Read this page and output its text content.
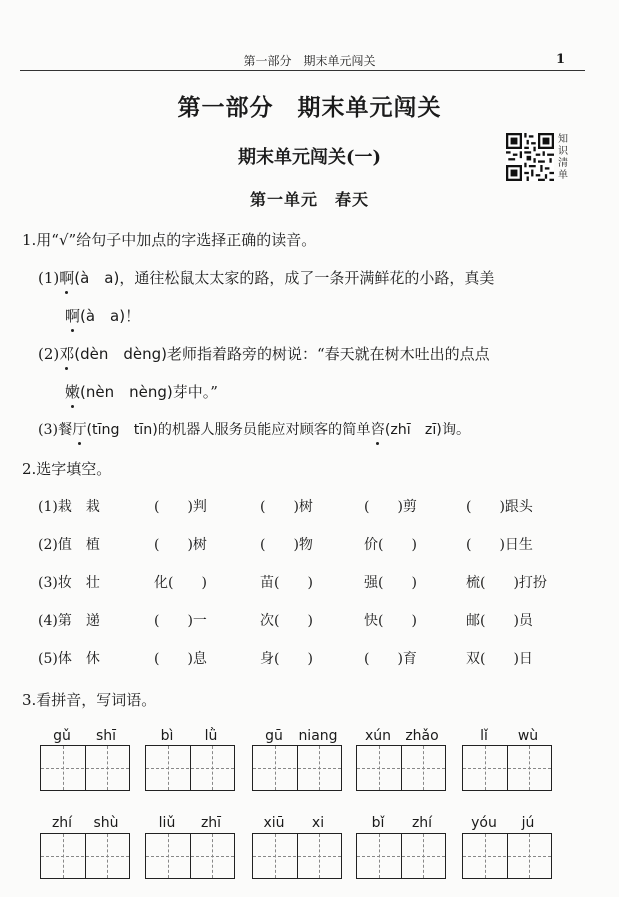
第一部分　期末单元闯关	1
第一部分　期末单元闯关
期末单元闯关(一)
第一单元　春天
知
识
清
单
1.用“√”给句子中加点的字选择正确的读音。
(1)啊(à　a)，通往松鼠太太家的路，成了一条开满鲜花的小路，真美
啊(à　a)！
(2)邓(dèn　dèng)老师指着路旁的树说：“春天就在树木吐出的点点
嫩(nèn　nèng)芽中。”
(3)餐厅(tīng　tīn)的机器人服务员能应对顾客的简单咨(zhī　zī)询。
2.选字填空。
(1)栽　栽	(　　)判	(　　)树	(　　)剪	(　　)跟头
(2)值　植	(　　)树	(　　)物	价(　　)	(　　)日生
(3)妆　壮	化(　　)	苗(　　)	强(　　)	梳(　　)打扮
(4)第　递	(　　)一	次(　　)	快(　　)	邮(　　)员
(5)体　休	(　　)息	身(　　)	(　　)育	双(　　)日
3.看拼音，写词语。
gǔ	shī	bì	lǜ	gū	niang	xún	zhǎo	lǐ	wù
zhí	shù	liǔ	zhī	xiū	xi	bǐ	zhí	yóu	jú
